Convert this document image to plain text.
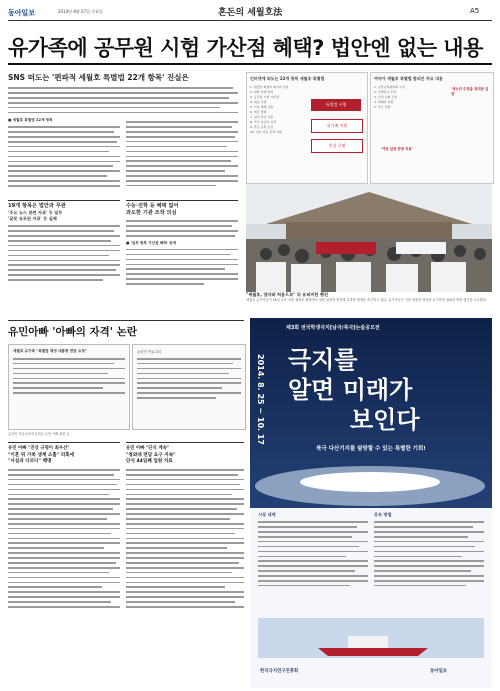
동아일보	2014년 8월 27일 수요일	혼돈의 세월호法	A5
유가족에 공무원 시험 가산점 혜택? 법안엔 없는 내용
SNS 떠도는 '편파적 세월호 특별법 22개 항목' 진실은
■ 세월호 특별법 22개 항목
19개 항목은 법안과 무관
'주요 뉴스 관련 자료' 등 일부
'잘못 유포된 자료' 등 실체
수능·진학 등 혜택 없어
과도한 기관 조작 의심
■ '일부 항목 가산점 혜택' 등에
인터넷에 떠도는 22개 항목 세월호 특별법
1. 세월호 희생자 의사자 지정
2. 대학 특례 입학
3. 공무원 시험 가산점
4. 의료 지원
5. 가족 생계 지원
6. 세금 면제
7. 심리 치료 지원
8. 국가 유공자 지정
9. 추모 공원 조성
10. 치료 비용 전액 지원
특별법 시행
유가족 지원
진상 규명
여야가 세월호 특별법 합의안 주요 내용
1. 진상규명위원회 구성
2. 특별검사 추천
3. 안전 사회 건설
4. 피해자 지원
5. 추모 사업
'새누리 주장을 정리한 입장'
'야당 입장 반영 자료'
"세월호, 엄마와 처음으로" 뒤 유의미한 행진
세월호 유가족들이 26일 오후 서울 광화문 광장에서 열린 집회에 참석해 특별법 제정을 촉구하고 있다. 유가족들은 이날 대통령 면담을 요구하며 청와대 방향 행진을 시도했다.
유민아빠 '아빠의 자격' 논란
세월호 유가족 "특별법 제정 대통령 면담 요청"	온라인 커뮤니티
온라인 커뮤니티에 올라온 유민 아빠 관련 글
유민 아빠 "진상 규명이 최우선"
"이혼 뒤 가족 생계 소홀" 의혹에
"사실과 다르다" 해명
유민 아빠 "단식 계속"
"청와대 면담 요구 지속"
단식 44일째 입원 치료
제3회 전국학생극지[남극/북극]논술공모전
극지를
알면 미래가
보인다
2014. 8. 25 ~ 10. 17
북극 다산기지를 탐방할 수 있는 특별한 기회!
시상 내역	응모 방법
한국극지연구진흥회	동아일보
